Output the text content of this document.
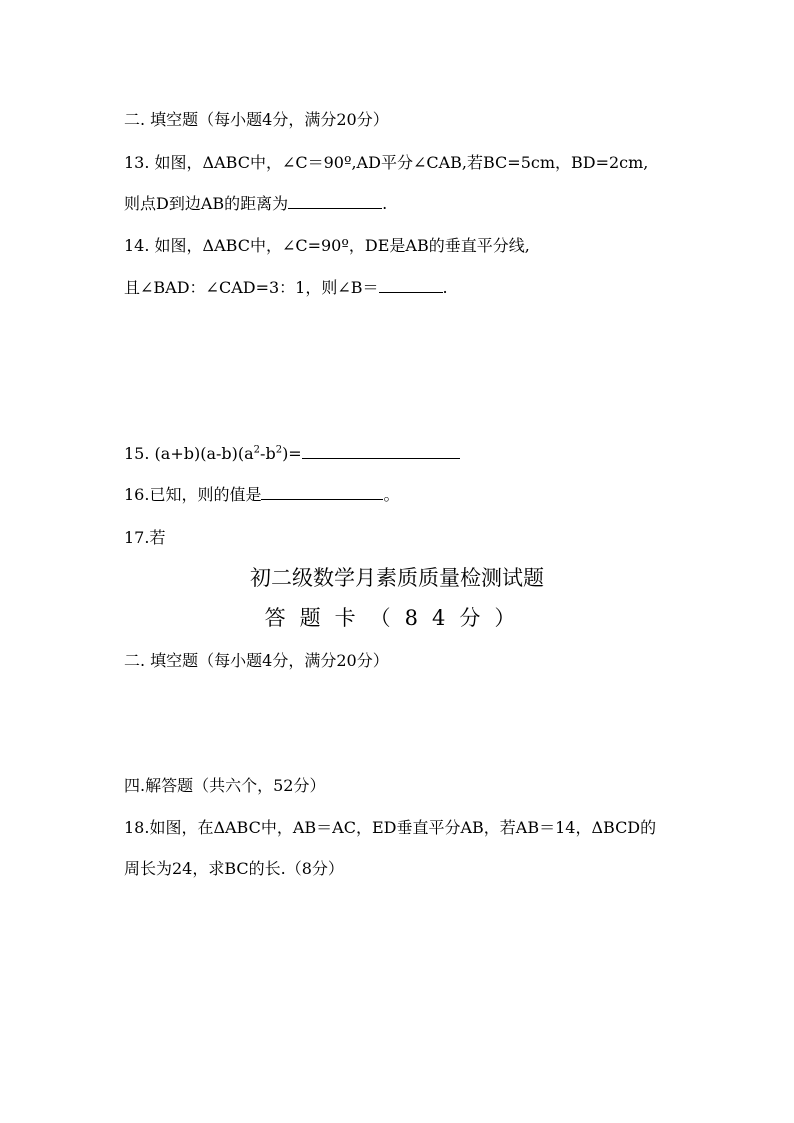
二. 填空题（每小题4分，满分20分）
13. 如图，ΔABC中，∠C＝90º,AD平分∠CAB,若BC=5cm，BD=2cm,
则点D到边AB的距离为	.
14. 如图，ΔABC中，∠C=90º，DE是AB的垂直平分线,
且∠BAD：∠CAD=3：1，则∠B＝	.
15. $(a+b)(a-b)(a^2-b^2)=$
16.已知，则的值是	。
17.若
初二级数学月素质质量检测试题
答题卡（84分）
二. 填空题（每小题4分，满分20分）
四.解答题（共六个，52分）
18.如图，在ΔABC中，AB＝AC，ED垂直平分AB，若AB＝14，ΔBCD的
周长为24，求BC的长.（8分）
